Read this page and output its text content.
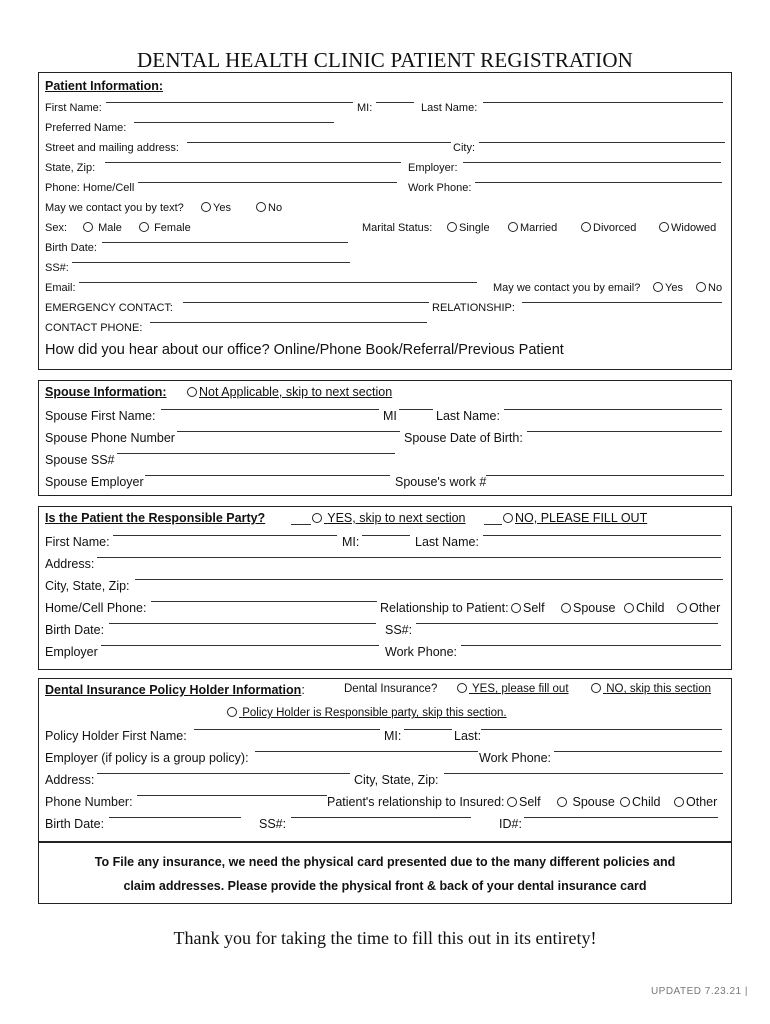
DENTAL HEALTH CLINIC PATIENT REGISTRATION
Patient Information:
First Name:	MI:	Last Name:
Preferred Name:
Street and mailing address:	City:
State, Zip:	Employer:
Phone: Home/Cell	Work Phone:
May we contact you by text?	Yes	No
Sex:	Male	Female	Marital Status:	Single	Married	Divorced	Widowed
Birth Date:
SS#:
Email:	May we contact you by email?	Yes	No
EMERGENCY CONTACT:	RELATIONSHIP:
CONTACT PHONE:
How did you hear about our office? Online/Phone Book/Referral/Previous Patient
Spouse Information:	Not Applicable, skip to next section
Spouse First Name:	MI	Last Name:
Spouse Phone Number	Spouse Date of Birth:
Spouse SS#
Spouse Employer	Spouse's work #
Is the Patient the Responsible Party?	YES, skip to next section	NO, PLEASE FILL OUT
First Name:	MI:	Last Name:
Address:
City, State, Zip:
Home/Cell Phone:	Relationship to Patient:	Self	Spouse	Child	Other
Birth Date:	SS#:
Employer	Work Phone:
Dental Insurance Policy Holder Information:	Dental Insurance?	YES, please fill out	NO, skip this section
Policy Holder is Responsible party, skip this section.
Policy Holder First Name:	MI:	Last:
Employer (if policy is a group policy):	Work Phone:
Address:	City, State, Zip:
Phone Number:	Patient's relationship to Insured:	Self	Spouse	Child	Other
Birth Date:	SS#:	ID#:
To File any insurance, we need the physical card presented due to the many different policies and
claim addresses. Please provide the physical front & back of your dental insurance card
Thank you for taking the time to fill this out in its entirety!
UPDATED 7.23.21 |
